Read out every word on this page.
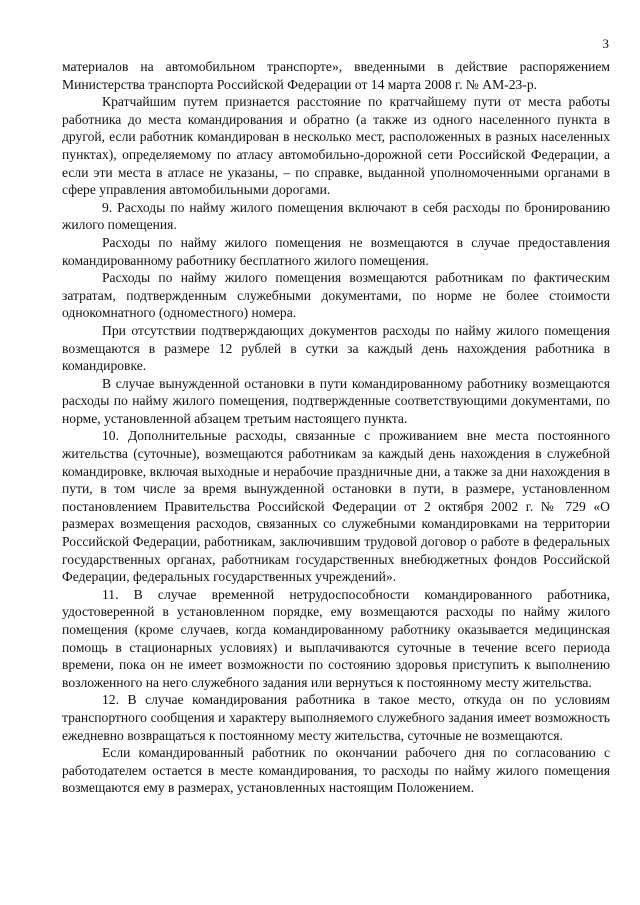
3

материалов на автомобильном транспорте», введенными в действие распоряжением Министерства транспорта Российской Федерации от 14 марта 2008 г. № АМ-23-р.

Кратчайшим путем признается расстояние по кратчайшему пути от места работы работника до места командирования и обратно (а также из одного населенного пункта в другой, если работник командирован в несколько мест, расположенных в разных населенных пунктах), определяемому по атласу автомобильно-дорожной сети Российской Федерации, а если эти места в атласе не указаны, – по справке, выданной уполномоченными органами в сфере управления автомобильными дорогами.

9. Расходы по найму жилого помещения включают в себя расходы по бронированию жилого помещения.

Расходы по найму жилого помещения не возмещаются в случае предоставления командированному работнику бесплатного жилого помещения.

Расходы по найму жилого помещения возмещаются работникам по фактическим затратам, подтвержденным служебными документами, по норме не более стоимости однокомнатного (одноместного) номера.

При отсутствии подтверждающих документов расходы по найму жилого помещения возмещаются в размере 12 рублей в сутки за каждый день нахождения работника в командировке.

В случае вынужденной остановки в пути командированному работнику возмещаются расходы по найму жилого помещения, подтвержденные соответствующими документами, по норме, установленной абзацем третьим настоящего пункта.

10. Дополнительные расходы, связанные с проживанием вне места постоянного жительства (суточные), возмещаются работникам за каждый день нахождения в служебной командировке, включая выходные и нерабочие праздничные дни, а также за дни нахождения в пути, в том числе за время вынужденной остановки в пути, в размере, установленном постановлением Правительства Российской Федерации от 2 октября 2002 г. № 729 «О размерах возмещения расходов, связанных со служебными командировками на территории Российской Федерации, работникам, заключившим трудовой договор о работе в федеральных государственных органах, работникам государственных внебюджетных фондов Российской Федерации, федеральных государственных учреждений».

11. В случае временной нетрудоспособности командированного работника, удостоверенной в установленном порядке, ему возмещаются расходы по найму жилого помещения (кроме случаев, когда командированному работнику оказывается медицинская помощь в стационарных условиях) и выплачиваются суточные в течение всего периода времени, пока он не имеет возможности по состоянию здоровья приступить к выполнению возложенного на него служебного задания или вернуться к постоянному месту жительства.

12. В случае командирования работника в такое место, откуда он по условиям транспортного сообщения и характеру выполняемого служебного задания имеет возможность ежедневно возвращаться к постоянному месту жительства, суточные не возмещаются.

Если командированный работник по окончании рабочего дня по согласованию с работодателем остается в месте командирования, то расходы по найму жилого помещения возмещаются ему в размерах, установленных настоящим Положением.
